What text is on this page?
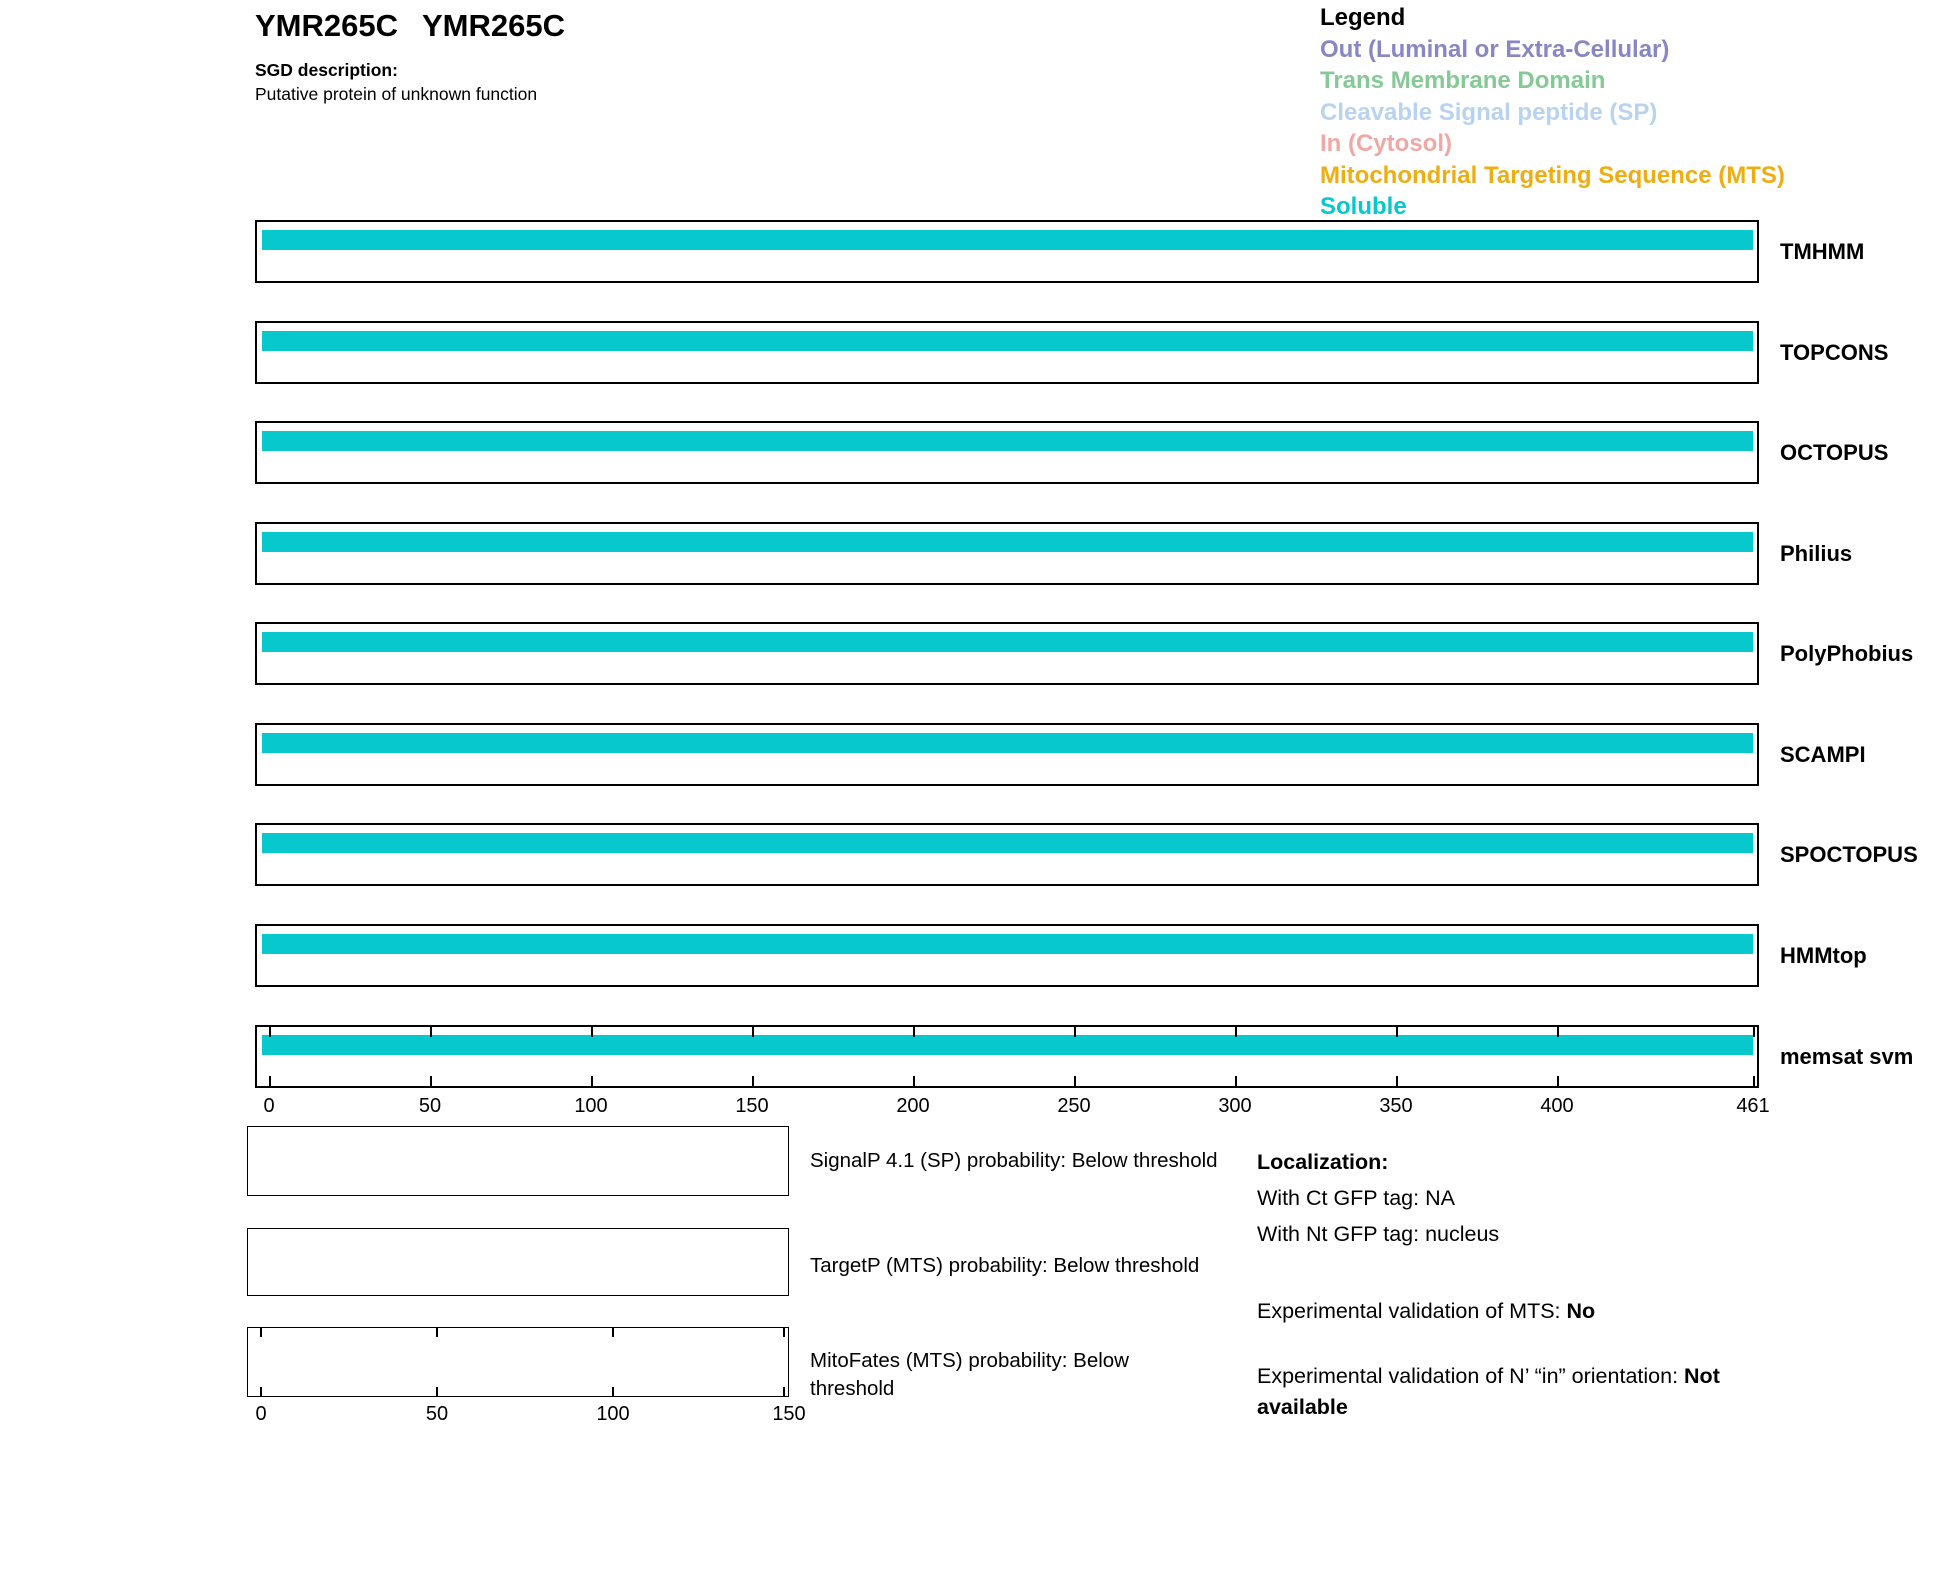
YMR265C YMR265C
SGD description:
Putative protein of unknown function
Legend
Out (Luminal or Extra-Cellular)
Trans Membrane Domain
Cleavable Signal peptide (SP)
In (Cytosol)
Mitochondrial Targeting Sequence (MTS)
Soluble
TMHMM
TOPCONS
OCTOPUS
Philius
PolyPhobius
SCAMPI
SPOCTOPUS
HMMtop
memsat svm
0	50	100	150	200	250	300	350	400	461
SignalP 4.1 (SP) probability: Below threshold
TargetP (MTS) probability: Below threshold
MitoFates (MTS) probability: Below threshold
0	50	100	150
Localization:
With Ct GFP tag: NA
With Nt GFP tag: nucleus
Experimental validation of MTS: No
Experimental validation of N’ “in” orientation: Not available
